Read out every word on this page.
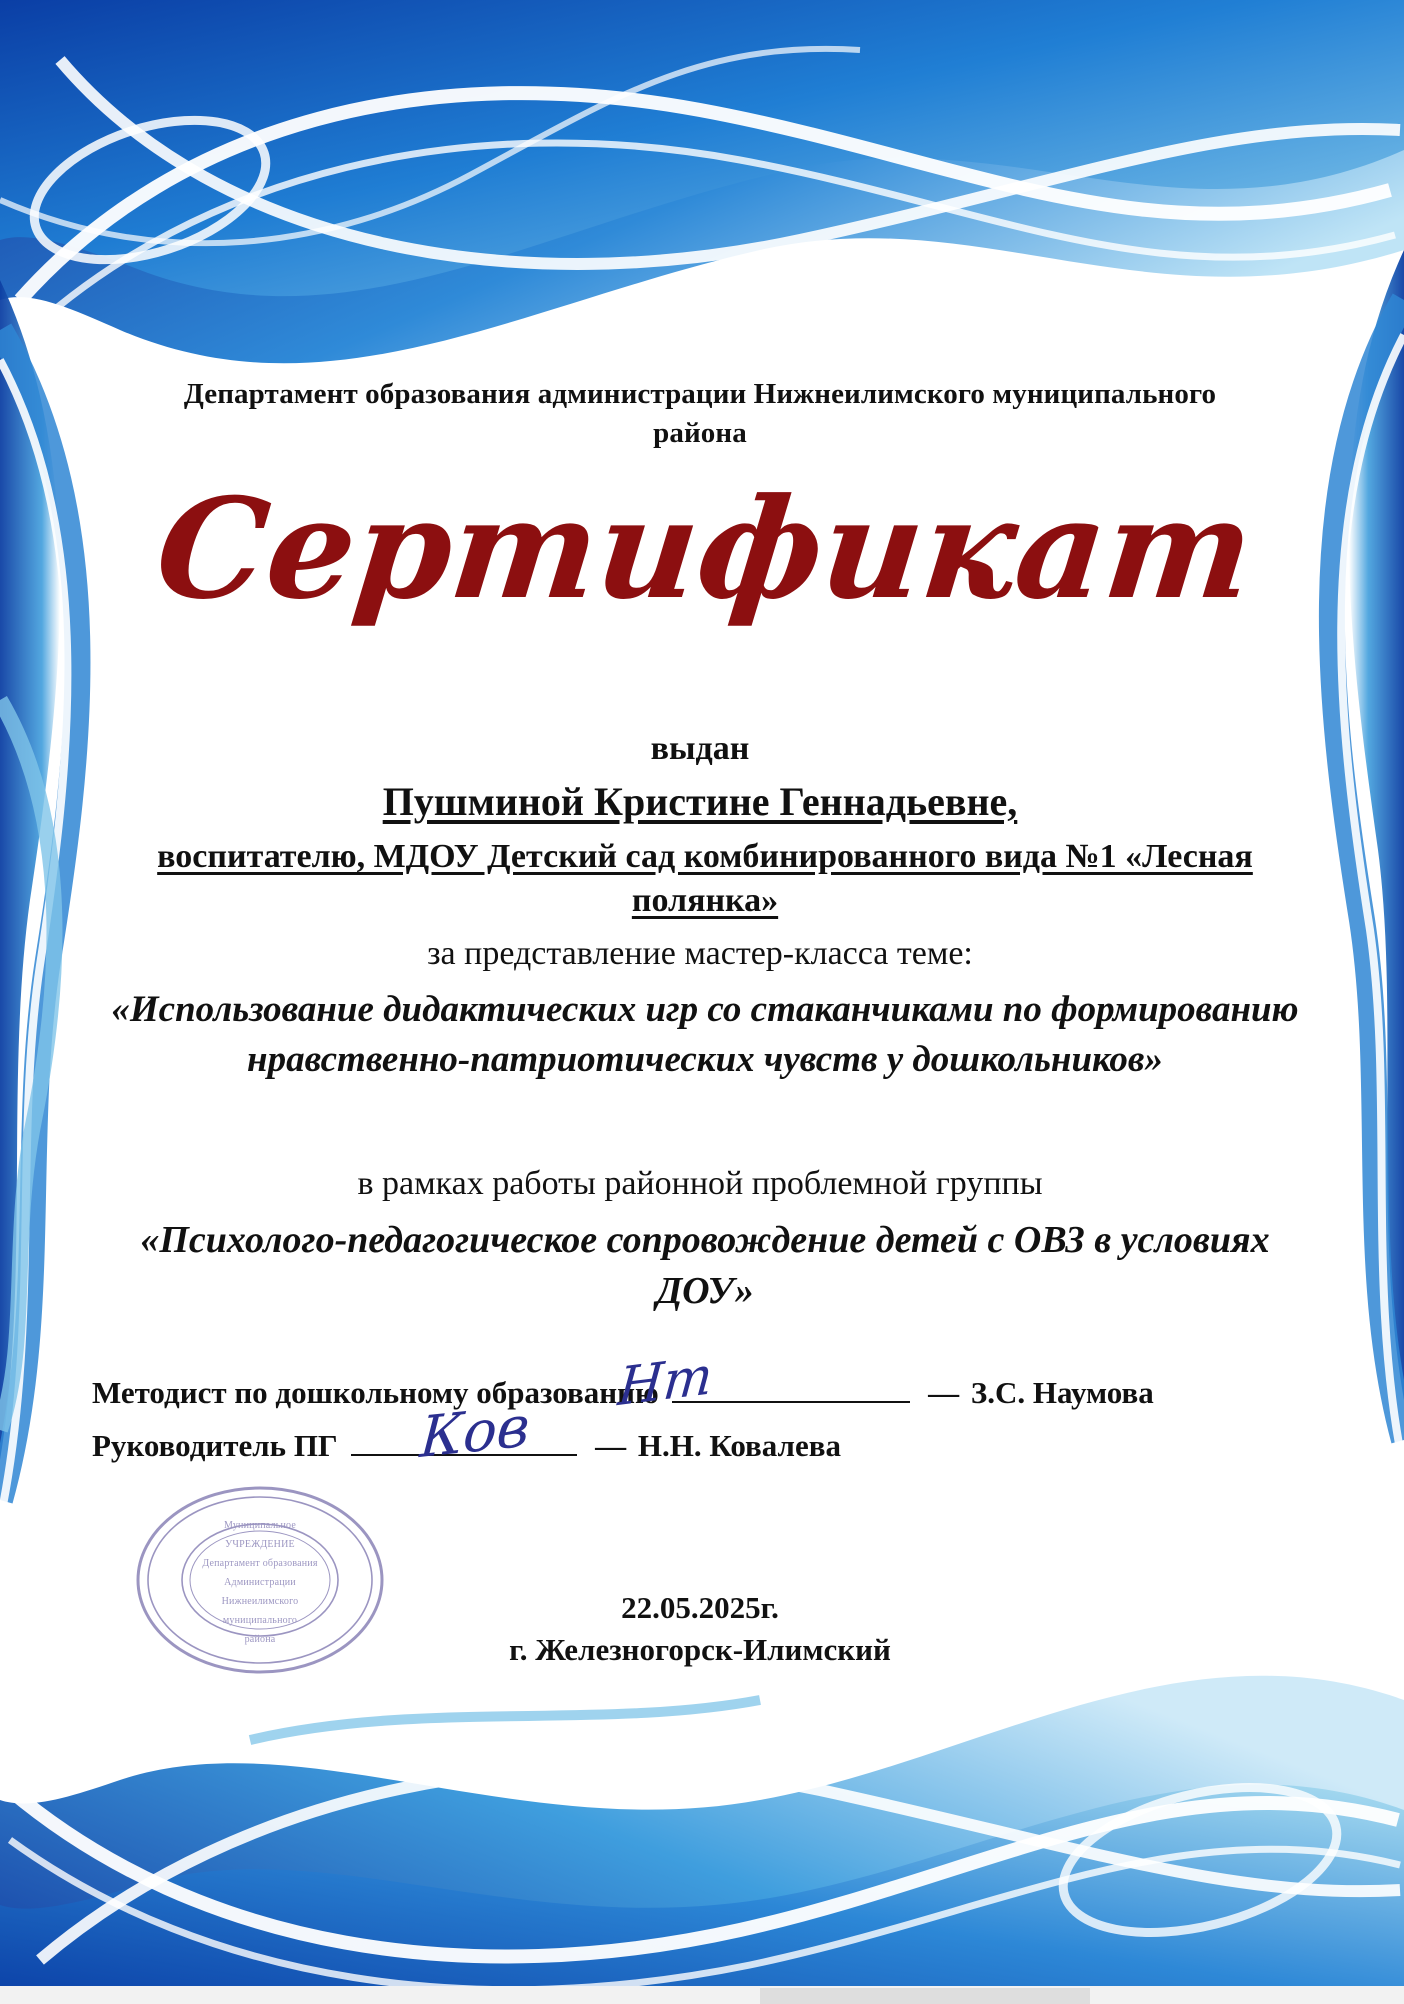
Департамент образования администрации Нижнеилимского муниципального района
Сертификат
выдан
Пушминой Кристине Геннадьевне,
воспитателю, МДОУ Детский сад комбинированного вида №1 «Лесная полянка»
за представление мастер-класса теме:
«Использование дидактических игр со стаканчиками по формированию нравственно-патриотических чувств у дошкольников»
в рамках работы районной проблемной группы
«Психолого-педагогическое сопровождение детей с ОВЗ в условиях ДОУ»
Методист по дошкольному образованию	— З.С. Наумова
Руководитель ПГ	— Н.Н. Ковалева
Нт
Ков
22.05.2025г.
г. Железногорск-Илимский
Муниципальное
УЧРЕЖДЕНИЕ
Департамент образования
Администрации
Нижнеилимского
муниципального
района
